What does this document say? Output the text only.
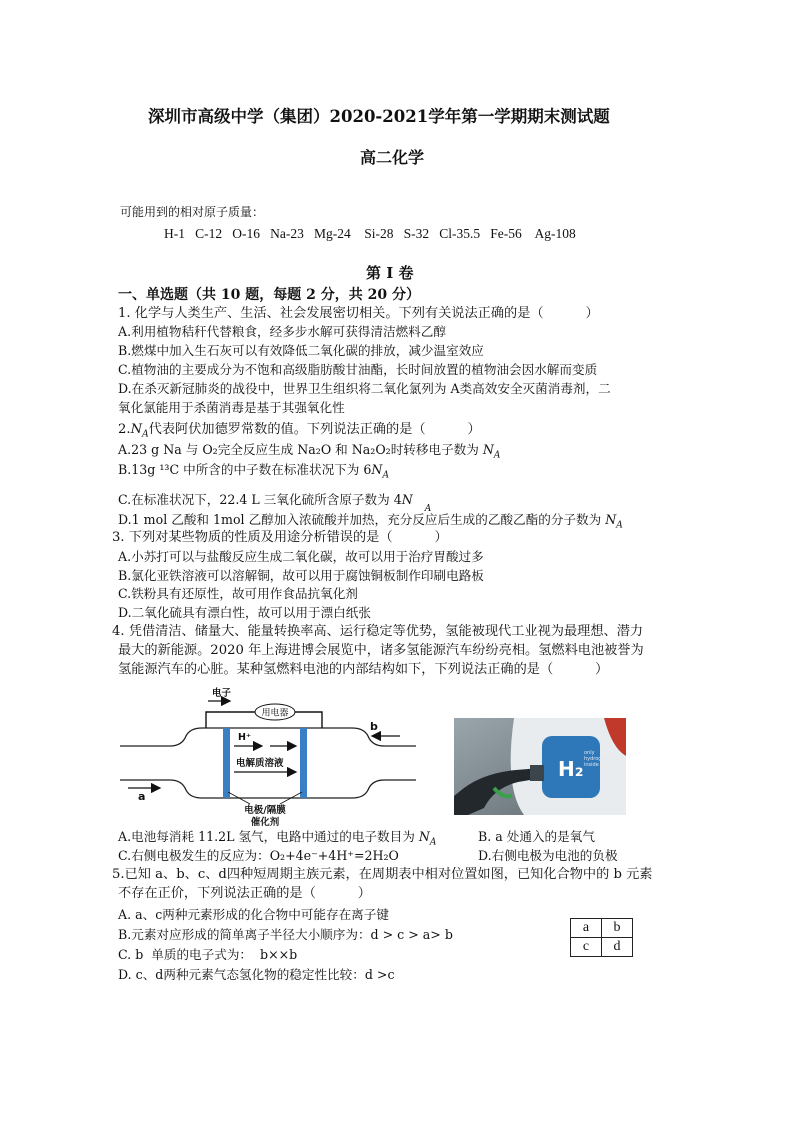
深圳市高级中学（集团）2020-2021学年第一学期期末测试题
高二化学
可能用到的相对原子质量：
H-1   C-12   O-16   Na-23   Mg-24    Si-28   S-32   Cl-35.5   Fe-56    Ag-108
第 Ⅰ 卷
一、单选题（共 10 题，每题 2 分，共 20 分）
1. 化学与人类生产、生活、社会发展密切相关。下列有关说法正确的是（          ）
A.利用植物秸秆代替粮食，经多步水解可获得清洁燃料乙醇
B.燃煤中加入生石灰可以有效降低二氧化碳的排放，减少温室效应
C.植物油的主要成分为不饱和高级脂肪酸甘油酯，长时间放置的植物油会因水解而变质
D.在杀灭新冠肺炎的战役中，世界卫生组织将二氧化氯列为 A类高效安全灭菌消毒剂，二
氧化氯能用于杀菌消毒是基于其强氧化性
$2.N_A$代表阿伏加德罗常数的值。下列说法正确的是（          ）
A.23 g Na 与 O₂完全反应生成 Na₂O 和 Na₂O₂时转移电子数为 $N_A$
B.13g ¹³C 中所含的中子数在标准状况下为 $6N_A$
C.在标准状况下，22.4 L 三氧化硫所含原子数为 $4N_A$
D.1 mol 乙酸和 1mol 乙醇加入浓硫酸并加热，充分反应后生成的乙酸乙酯的分子数为 $N_A$
3. 下列对某些物质的性质及用途分析错误的是（          ）
A.小苏打可以与盐酸反应生成二氧化碳，故可以用于治疗胃酸过多
B.氯化亚铁溶液可以溶解铜，故可以用于腐蚀铜板制作印刷电路板
C.铁粉具有还原性，故可用作食品抗氧化剂
D.二氧化硫具有漂白性，故可以用于漂白纸张
4. 凭借清洁、储量大、能量转换率高、运行稳定等优势，氢能被现代工业视为最理想、潜力
最大的新能源。2020 年上海进博会展览中，诸多氢能源汽车纷纷亮相。氢燃料电池被誉为
氢能源汽车的心脏。某种氢燃料电池的内部结构如下，下列说法正确的是（          ）
用电器
电子
H⁺
电解质溶液
a
b
电极/隔膜
催化剂
H₂
only
hydrogen
inside
A.电池每消耗 11.2L 氢气，电路中通过的电子数目为 $N_A$	B. a 处通入的是氧气
C.右侧电极发生的反应为：O₂+4e⁻+4H⁺=2H₂O	D.右侧电极为电池的负极
5.已知 a、b、c、d四种短周期主族元素，在周期表中相对位置如图，已知化合物中的 b 元素
不存在正价，下列说法正确的是（          ）
A. a、c两种元素形成的化合物中可能存在离子键
B.元素对应形成的简单离子半径大小顺序为：d > c > a> b
C. b  单质的电子式为：  b××b
D. c、d两种元素气态氢化物的稳定性比较：d >c
a	b
c	d
